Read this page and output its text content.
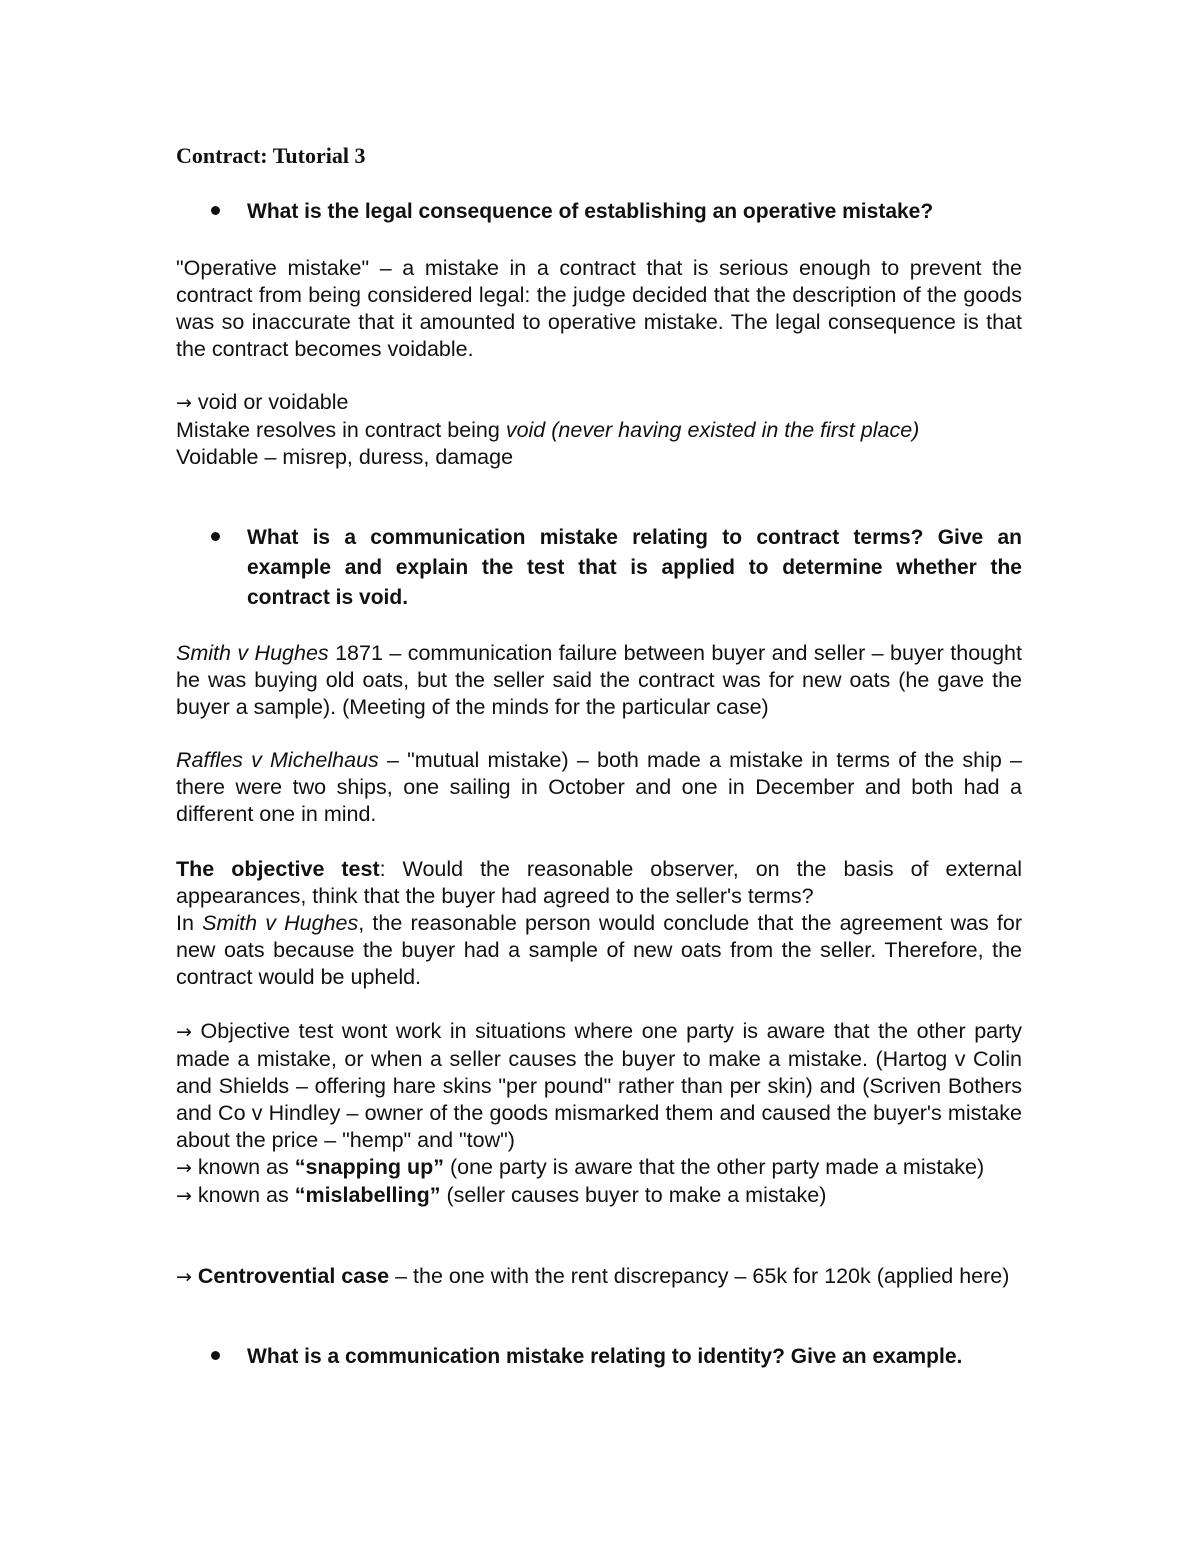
Contract: Tutorial 3
What is the legal consequence of establishing an operative mistake?
"Operative mistake" – a mistake in a contract that is serious enough to prevent the contract from being considered legal: the judge decided that the description of the goods was so inaccurate that it amounted to operative mistake. The legal consequence is that the contract becomes voidable.
→ void or voidable
Mistake resolves in contract being void (never having existed in the first place)
Voidable – misrep, duress, damage
What is a communication mistake relating to contract terms? Give an example and explain the test that is applied to determine whether the contract is void.
Smith v Hughes 1871 – communication failure between buyer and seller – buyer thought he was buying old oats, but the seller said the contract was for new oats (he gave the buyer a sample). (Meeting of the minds for the particular case)
Raffles v Michelhaus – "mutual mistake) – both made a mistake in terms of the ship – there were two ships, one sailing in October and one in December and both had a different one in mind.
The objective test: Would the reasonable observer, on the basis of external appearances, think that the buyer had agreed to the seller's terms?
In Smith v Hughes, the reasonable person would conclude that the agreement was for new oats because the buyer had a sample of new oats from the seller. Therefore, the contract would be upheld.
→ Objective test wont work in situations where one party is aware that the other party made a mistake, or when a seller causes the buyer to make a mistake. (Hartog v Colin and Shields – offering hare skins "per pound" rather than per skin) and (Scriven Bothers and Co v Hindley – owner of the goods mismarked them and caused the buyer's mistake about the price – "hemp" and "tow")
→ known as “snapping up” (one party is aware that the other party made a mistake)
→ known as “mislabelling” (seller causes buyer to make a mistake)
→ Centrovential case – the one with the rent discrepancy – 65k for 120k (applied here)
What is a communication mistake relating to identity? Give an example.
